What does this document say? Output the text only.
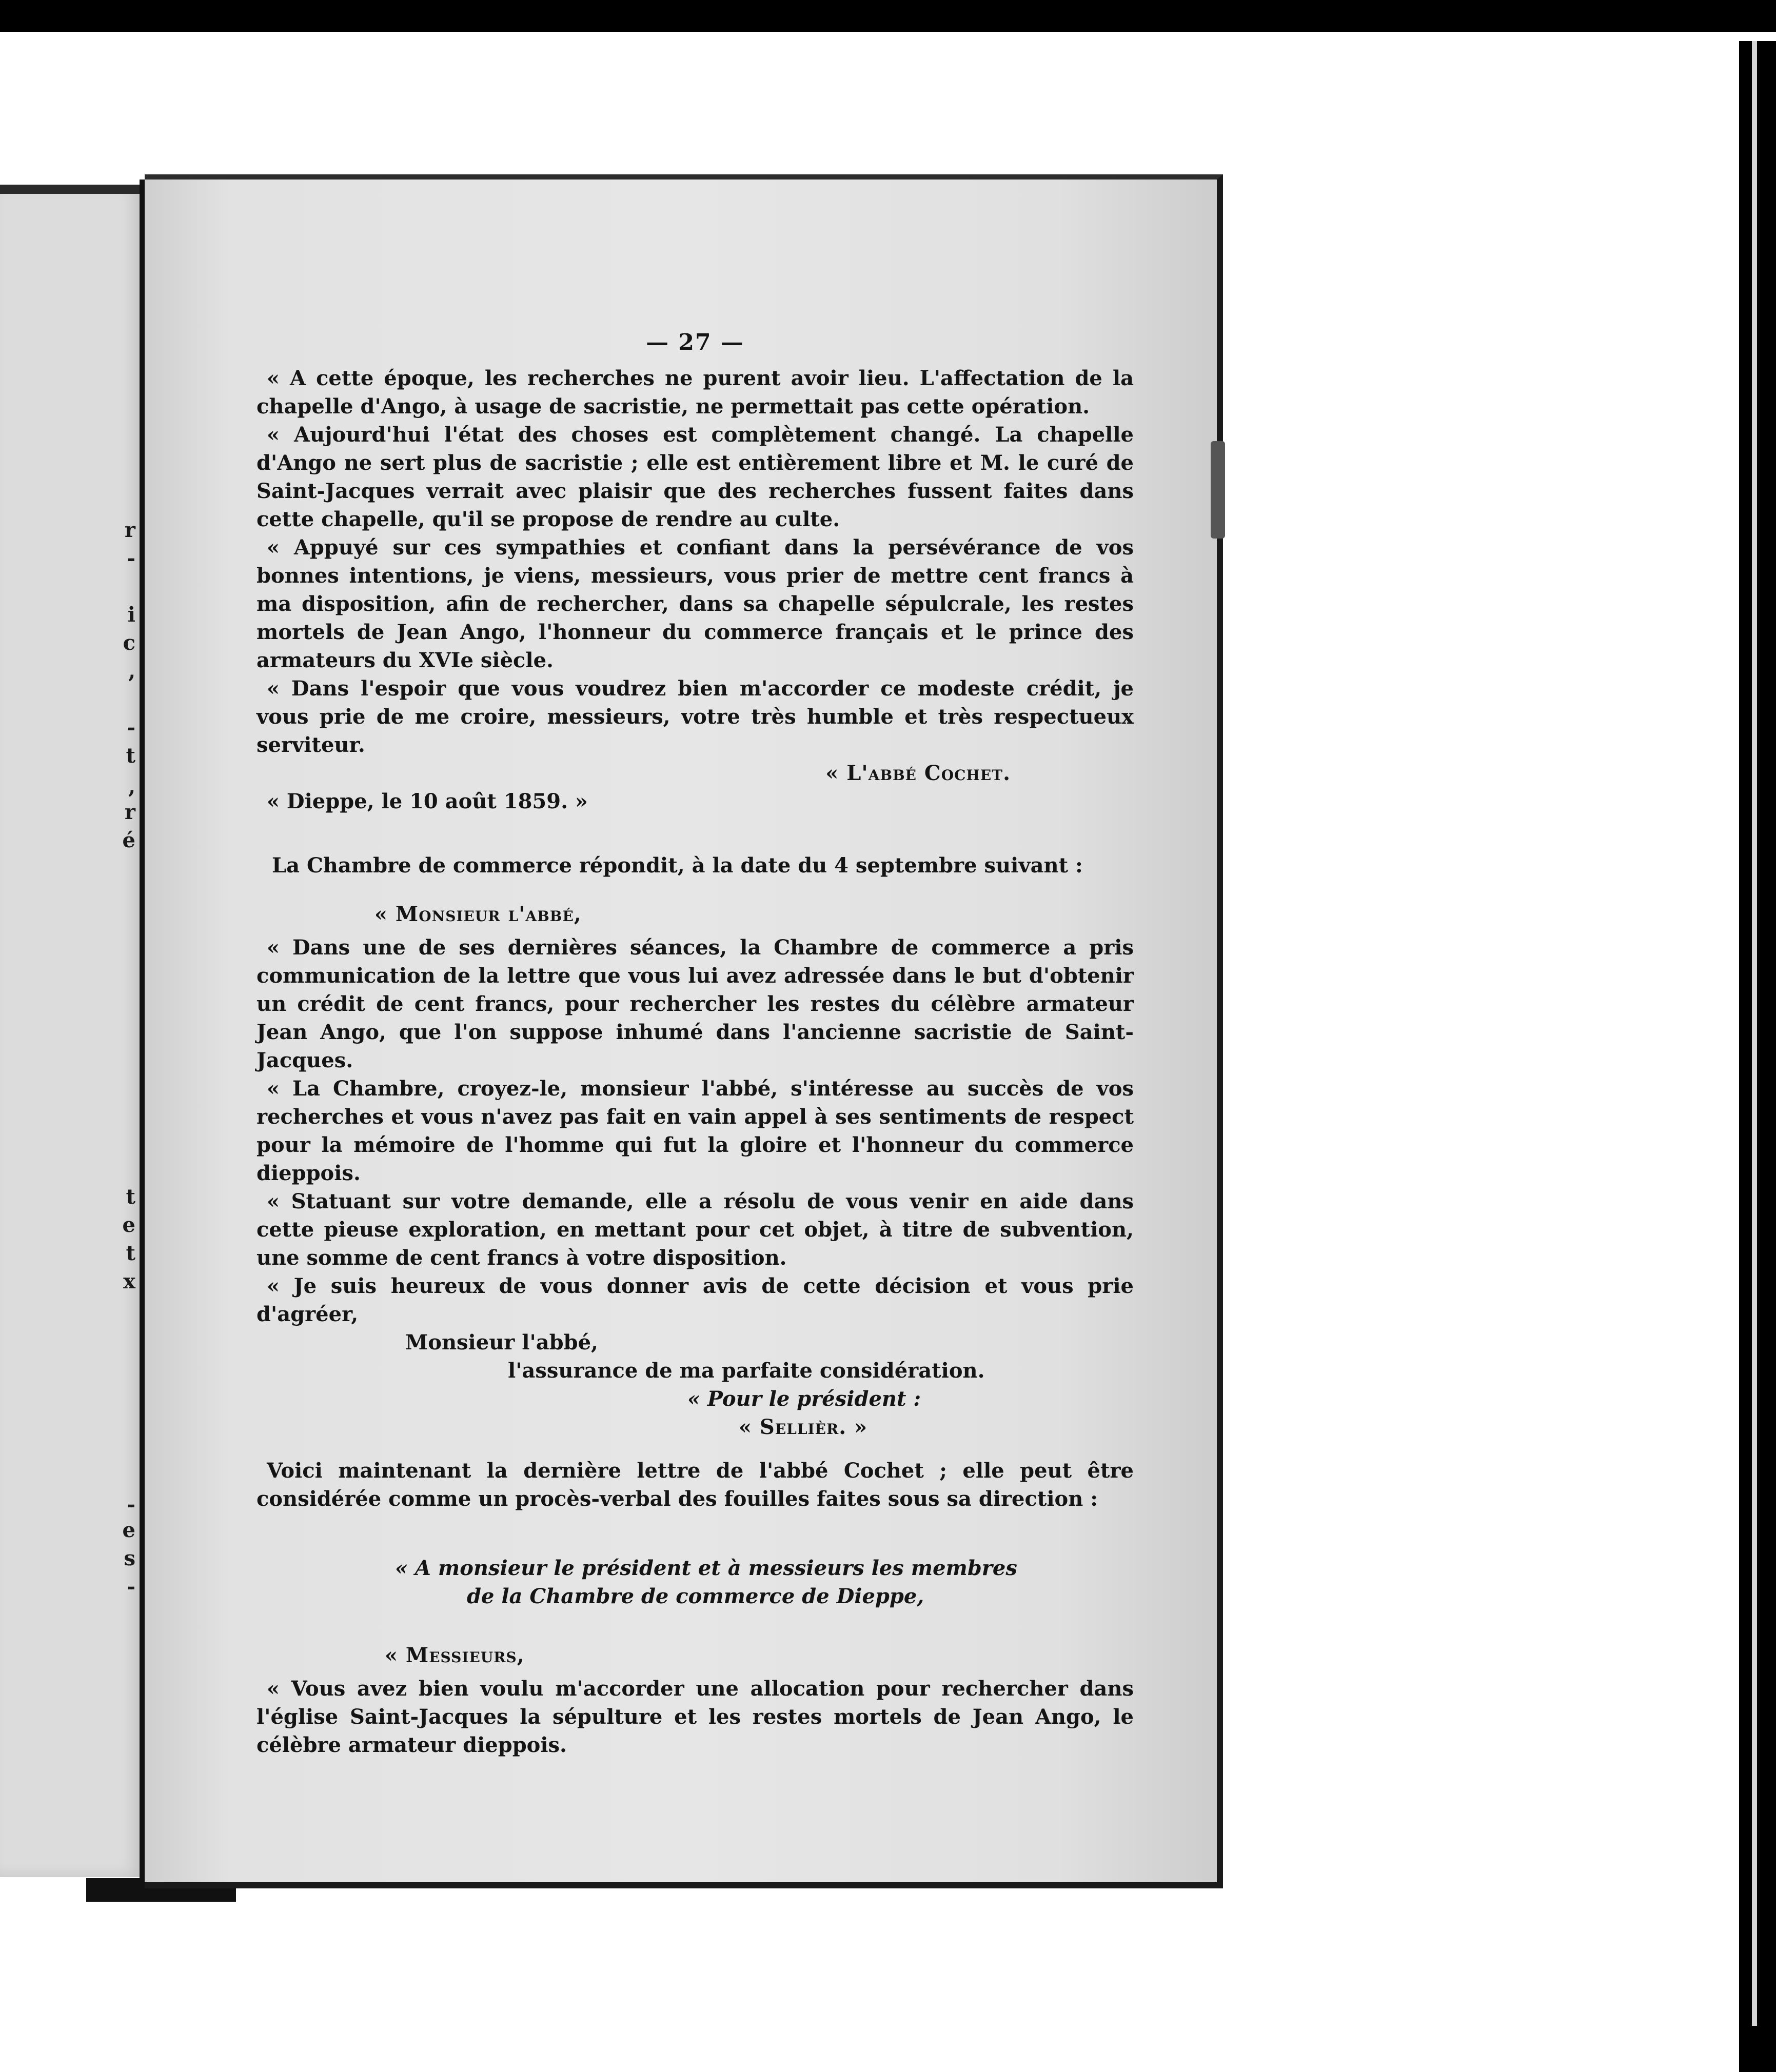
r
-
i
c
,
-
t
,
r
é
t
e
t
x
-
e
s
-
— 27 —

« A cette époque, les recherches ne purent avoir lieu. L'affectation de la chapelle d'Ango, à usage de sacristie, ne permettait pas cette opération.

« Aujourd'hui l'état des choses est complètement changé. La chapelle d'Ango ne sert plus de sacristie ; elle est entièrement libre et M. le curé de Saint-Jacques verrait avec plaisir que des recherches fussent faites dans cette chapelle, qu'il se propose de rendre au culte.

« Appuyé sur ces sympathies et confiant dans la persévérance de vos bonnes intentions, je viens, messieurs, vous prier de mettre cent francs à ma disposition, afin de rechercher, dans sa chapelle sépulcrale, les restes mortels de Jean Ango, l'honneur du commerce français et le prince des armateurs du XVIe siècle.

« Dans l'espoir que vous voudrez bien m'accorder ce modeste crédit, je vous prie de me croire, messieurs, votre très humble et très respectueux serviteur.

« L'abbé Cochet.

« Dieppe, le 10 août 1859. »

La Chambre de commerce répondit, à la date du 4 septembre suivant :

« Monsieur l'abbé,

« Dans une de ses dernières séances, la Chambre de commerce a pris communication de la lettre que vous lui avez adressée dans le but d'obtenir un crédit de cent francs, pour rechercher les restes du célèbre armateur Jean Ango, que l'on suppose inhumé dans l'ancienne sacristie de Saint-Jacques.

« La Chambre, croyez-le, monsieur l'abbé, s'intéresse au succès de vos recherches et vous n'avez pas fait en vain appel à ses sentiments de respect pour la mémoire de l'homme qui fut la gloire et l'honneur du commerce dieppois.

« Statuant sur votre demande, elle a résolu de vous venir en aide dans cette pieuse exploration, en mettant pour cet objet, à titre de subvention, une somme de cent francs à votre disposition.

« Je suis heureux de vous donner avis de cette décision et vous prie d'agréer,

Monsieur l'abbé,

l'assurance de ma parfaite considération.

« Pour le président :

« Sellièr. »

Voici maintenant la dernière lettre de l'abbé Cochet ; elle peut être considérée comme un procès-verbal des fouilles faites sous sa direction :

« A monsieur le président et à messieurs les membres

de la Chambre de commerce de Dieppe,

« Messieurs,

« Vous avez bien voulu m'accorder une allocation pour rechercher dans l'église Saint-Jacques la sépulture et les restes mortels de Jean Ango, le célèbre armateur dieppois.
